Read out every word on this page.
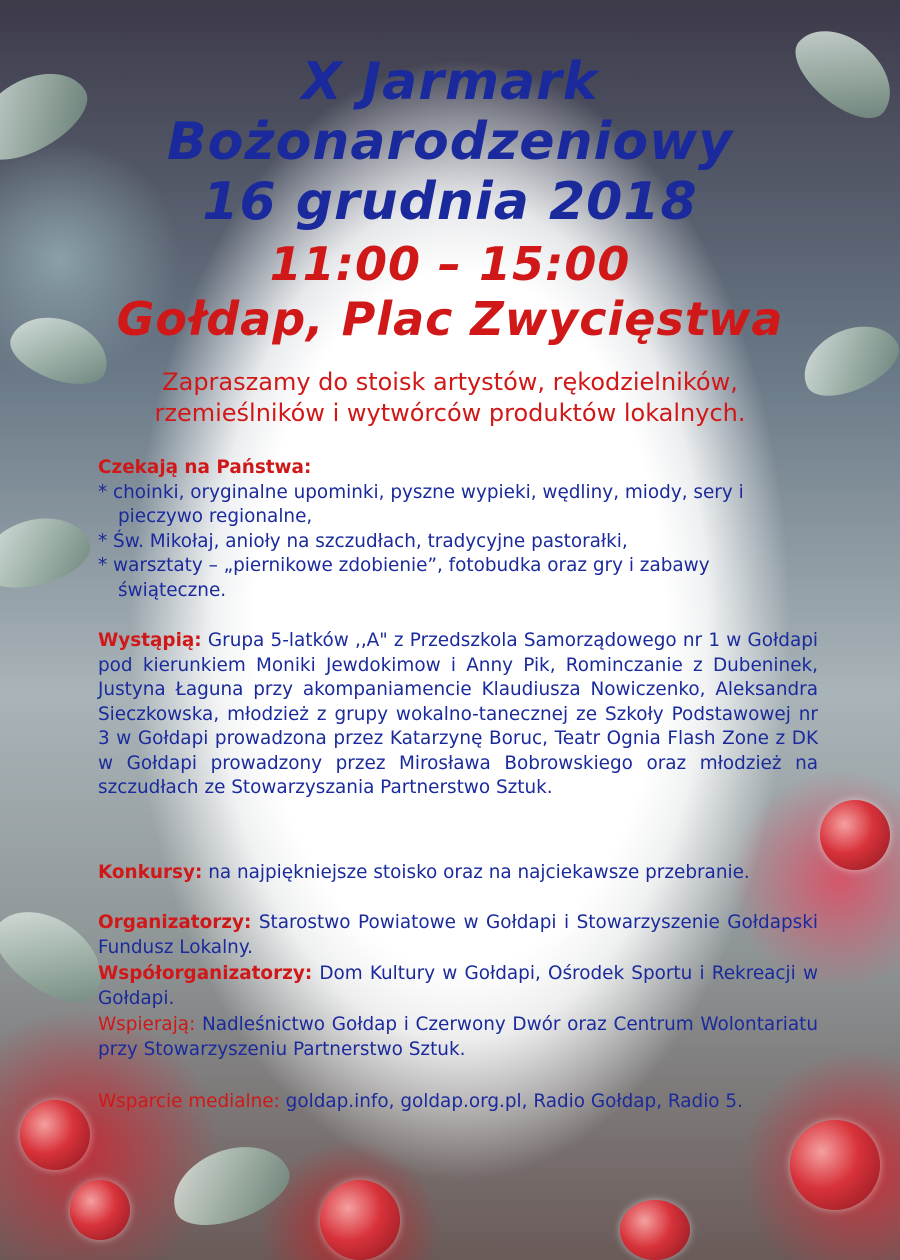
X Jarmark
Bożonarodzeniowy
16 grudnia 2018
11:00 – 15:00
Gołdap, Plac Zwycięstwa

Zapraszamy do stoisk artystów, rękodzielników,
rzemieślników i wytwórców produktów lokalnych.

Czekają na Państwa:
* choinki, oryginalne upominki, pyszne wypieki, wędliny, miody, sery i pieczywo regionalne,
* Św. Mikołaj, anioły na szczudłach, tradycyjne pastorałki,
* warsztaty – „piernikowe zdobienie”, fotobudka oraz gry i zabawy świąteczne.

Wystąpią: Grupa 5-latków ,,A" z Przedszkola Samorządowego nr 1 w Gołdapi pod kierunkiem Moniki Jewdokimow i Anny Pik, Rominczanie z Dubeninek, Justyna Łaguna przy akompaniamencie Klaudiusza Nowiczenko, Aleksandra Sieczkowska, młodzież z grupy wokalno-tanecznej ze Szkoły Podstawowej nr 3 w Gołdapi prowadzona przez Katarzynę Boruc, Teatr Ognia Flash Zone z DK w Gołdapi prowadzony przez Mirosława Bobrowskiego oraz młodzież na szczudłach ze Stowarzyszania Partnerstwo Sztuk.

Konkursy: na najpiękniejsze stoisko oraz na najciekawsze przebranie.

Organizatorzy: Starostwo Powiatowe w Gołdapi i Stowarzyszenie Gołdapski Fundusz Lokalny.

Współorganizatorzy: Dom Kultury w Gołdapi, Ośrodek Sportu i Rekreacji w Gołdapi.

Wspierają: Nadleśnictwo Gołdap i Czerwony Dwór oraz Centrum Wolontariatu przy Stowarzyszeniu Partnerstwo Sztuk.

Wsparcie medialne: goldap.info, goldap.org.pl, Radio Gołdap, Radio 5.
